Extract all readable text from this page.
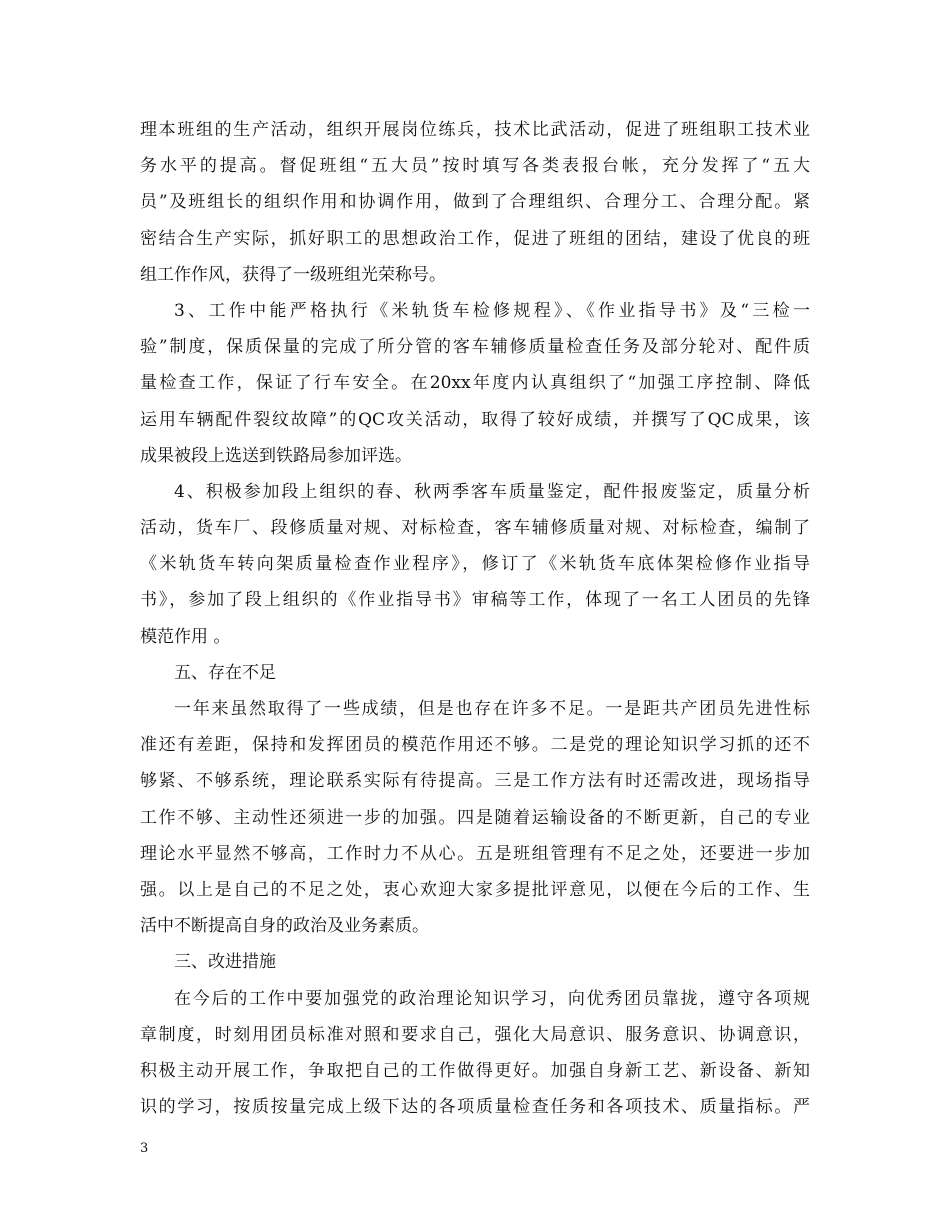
理本班组的生产活动，组织开展岗位练兵，技术比武活动，促进了班组职工技术业
务水平的提高。督促班组“五大员”按时填写各类表报台帐，充分发挥了“五大
员”及班组长的组织作用和协调作用，做到了合理组织、合理分工、合理分配。紧
密结合生产实际，抓好职工的思想政治工作，促进了班组的团结，建设了优良的班
组工作作风，获得了一级班组光荣称号。
3、工作中能严格执行《米轨货车检修规程》、《作业指导书》及“三检一
验”制度，保质保量的完成了所分管的客车辅修质量检查任务及部分轮对、配件质
量检查工作，保证了行车安全。在20xx年度内认真组织了“加强工序控制、降低
运用车辆配件裂纹故障”的QC攻关活动，取得了较好成绩，并撰写了QC成果，该
成果被段上选送到铁路局参加评选。
4、积极参加段上组织的春、秋两季客车质量鉴定，配件报废鉴定，质量分析
活动，货车厂、段修质量对规、对标检查，客车辅修质量对规、对标检查，编制了
《米轨货车转向架质量检查作业程序》，修订了《米轨货车底体架检修作业指导
书》，参加了段上组织的《作业指导书》审稿等工作，体现了一名工人团员的先锋
模范作用 。
五、存在不足
一年来虽然取得了一些成绩，但是也存在许多不足。一是距共产团员先进性标
准还有差距，保持和发挥团员的模范作用还不够。二是党的理论知识学习抓的还不
够紧、不够系统，理论联系实际有待提高。三是工作方法有时还需改进，现场指导
工作不够、主动性还须进一步的加强。四是随着运输设备的不断更新，自己的专业
理论水平显然不够高，工作时力不从心。五是班组管理有不足之处，还要进一步加
强。以上是自己的不足之处，衷心欢迎大家多提批评意见，以便在今后的工作、生
活中不断提高自身的政治及业务素质。
三、改进措施
在今后的工作中要加强党的政治理论知识学习，向优秀团员靠拢，遵守各项规
章制度，时刻用团员标准对照和要求自己，强化大局意识、服务意识、协调意识，
积极主动开展工作，争取把自己的工作做得更好。加强自身新工艺、新设备、新知
识的学习，按质按量完成上级下达的各项质量检查任务和各项技术、质量指标。严
3
